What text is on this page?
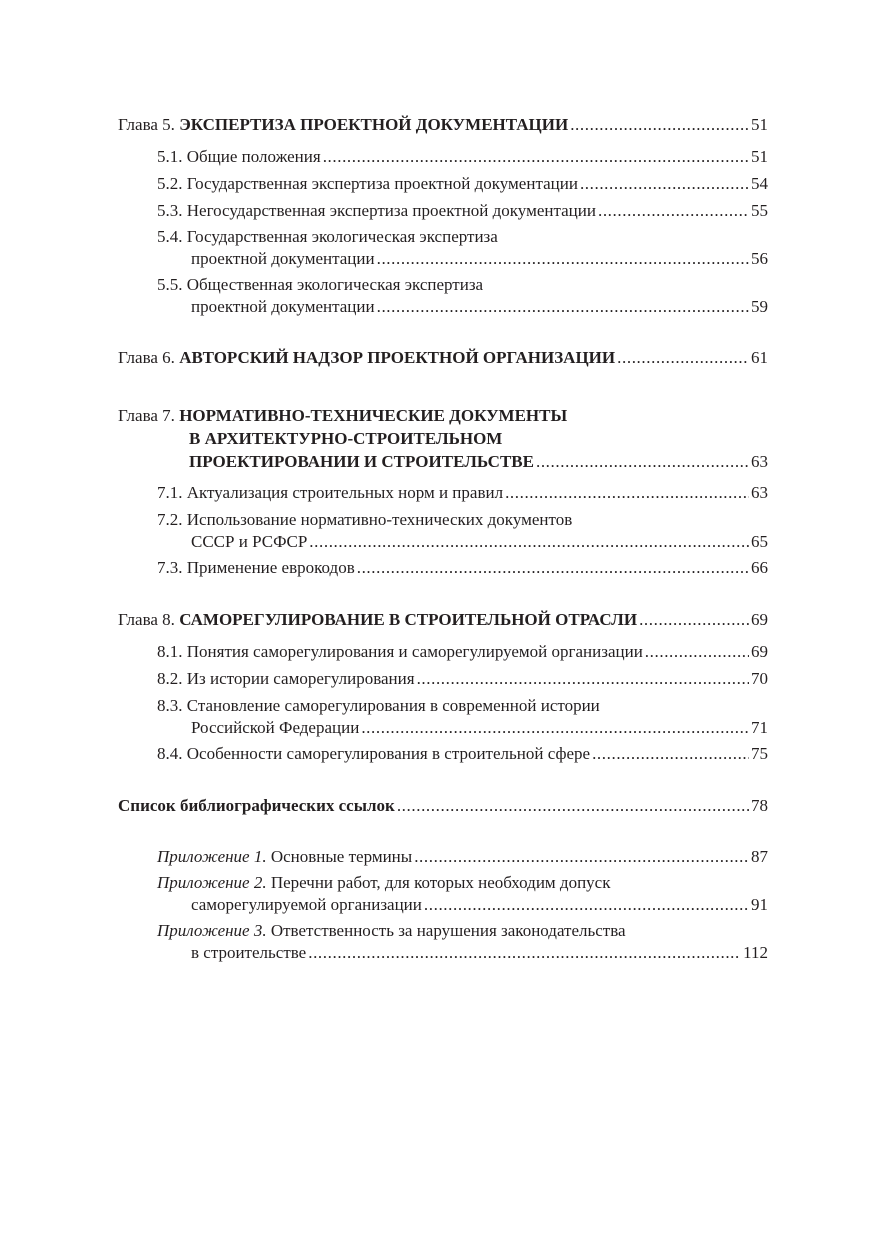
Глава 5.
ЭКСПЕРТИЗА ПРОЕКТНОЙ ДОКУМЕНТАЦИИ .....	51
5.1. Общие положения .....	51
5.2. Государственная экспертиза проектной документации .....	54
5.3. Негосударственная экспертиза проектной документации .....	55
5.4. Государственная экологическая экспертиза
проектной документации .....	56
5.5. Общественная экологическая экспертиза
проектной документации .....	59
Глава 6.
АВТОРСКИЙ НАДЗОР ПРОЕКТНОЙ ОРГАНИЗАЦИИ .....	61
Глава 7.
НОРМАТИВНО-ТЕХНИЧЕСКИЕ ДОКУМЕНТЫ
В АРХИТЕКТУРНО-СТРОИТЕЛЬНОМ
ПРОЕКТИРОВАНИИ И СТРОИТЕЛЬСТВЕ .....	63
7.1. Актуализация строительных норм и правил .....	63
7.2. Использование нормативно-технических документов
СССР и РСФСР .....	65
7.3. Применение еврокодов .....	66
Глава 8.
САМОРЕГУЛИРОВАНИЕ В СТРОИТЕЛЬНОЙ ОТРАСЛИ .....	69
8.1. Понятия саморегулирования и саморегулируемой организации .....	69
8.2. Из истории саморегулирования .....	70
8.3. Становление саморегулирования в современной истории
Российской Федерации .....	71
8.4. Особенности саморегулирования в строительной сфере .....	75
Список библиографических ссылок .....	78
Приложение 1.
Основные термины .....	87
Приложение 2.
Перечни работ, для которых необходим допуск
саморегулируемой организации .....	91
Приложение 3.
Ответственность за нарушения законодательства
в строительстве .....	112
